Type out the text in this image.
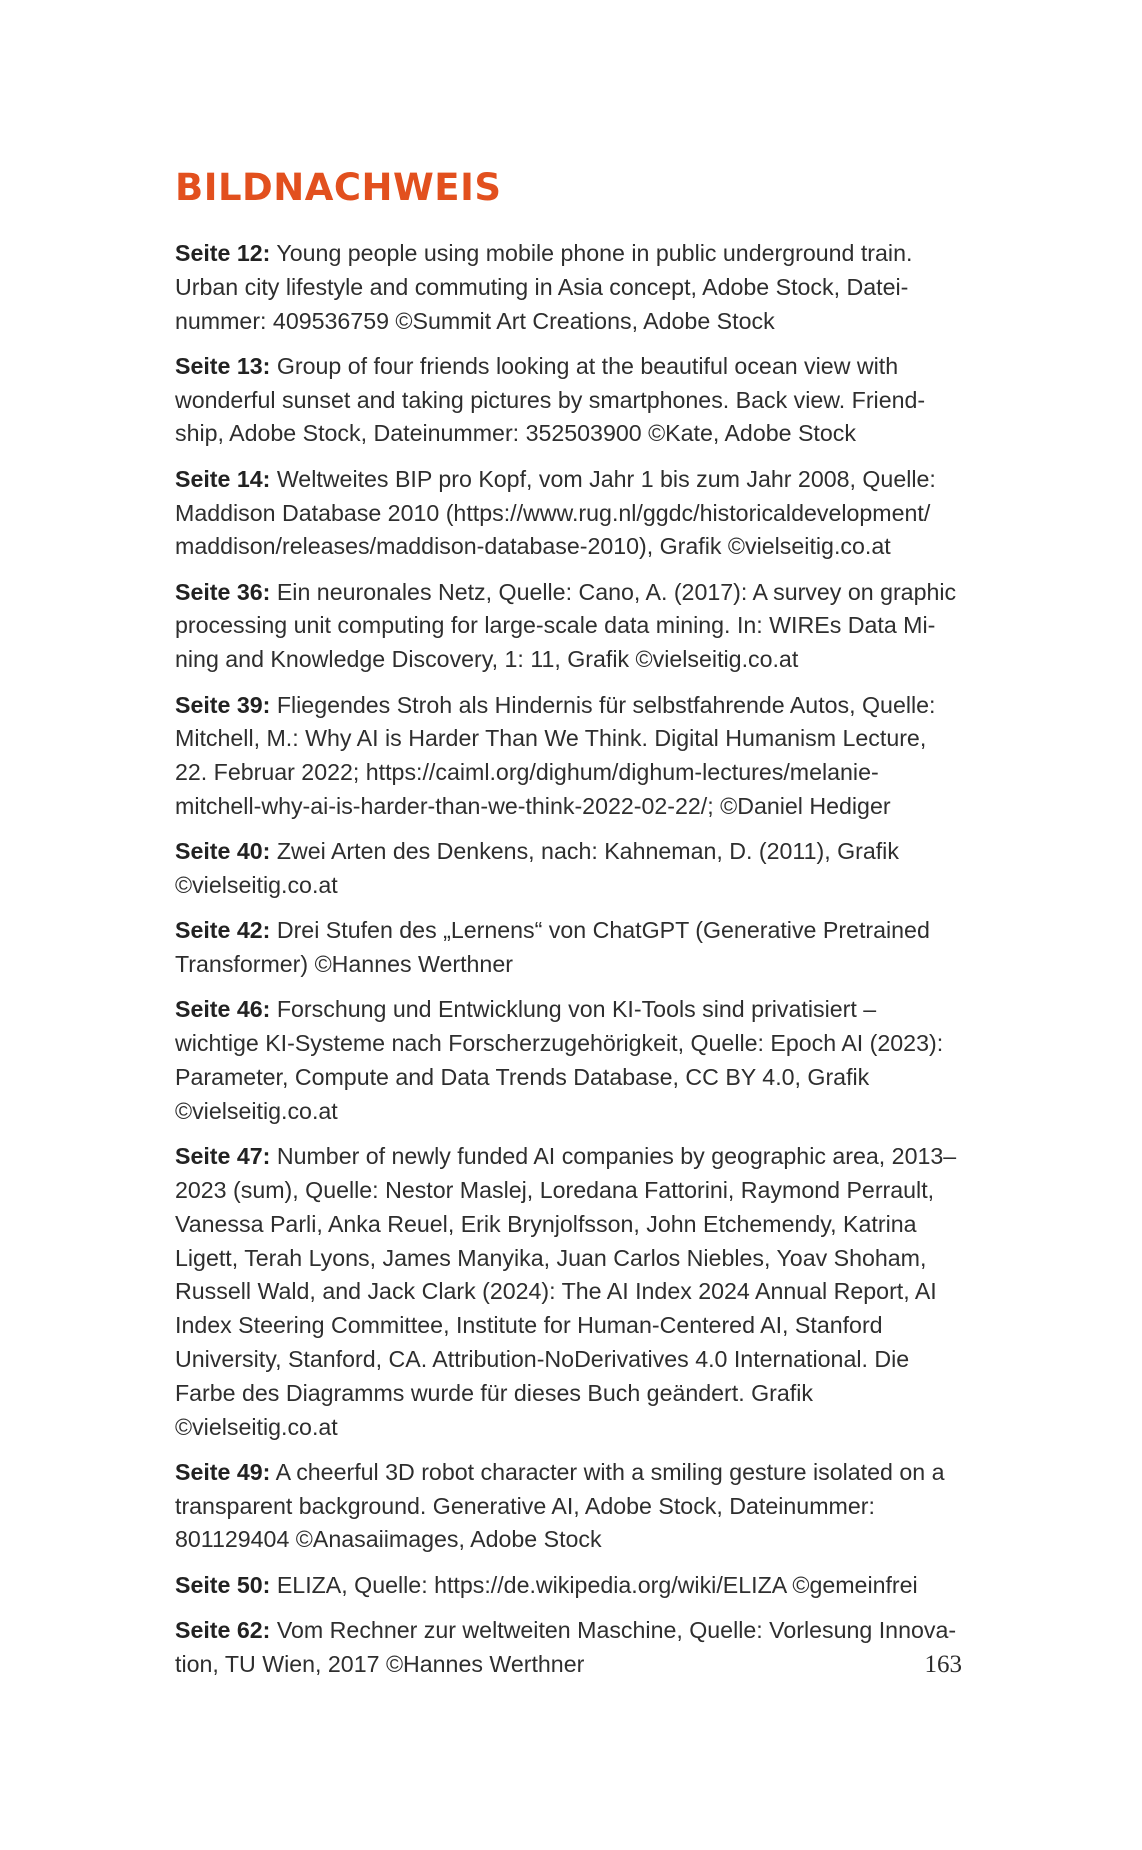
BILDNACHWEIS
Seite 12: Young people using mobile phone in public underground train. Urban city lifestyle and commuting in Asia concept, Adobe Stock, Dateinummer: 409536759 ©Summit Art Creations, Adobe Stock
Seite 13: Group of four friends looking at the beautiful ocean view with wonderful sunset and taking pictures by smartphones. Back view. Friendship, Adobe Stock, Dateinummer: 352503900 ©Kate, Adobe Stock
Seite 14: Weltweites BIP pro Kopf, vom Jahr 1 bis zum Jahr 2008, Quelle: Maddison Database 2010 (https://www.rug.nl/ggdc/historicaldevelopment/​maddison/releases/maddison-database-2010), Grafik ©vielseitig.co.at
Seite 36: Ein neuronales Netz, Quelle: Cano, A. (2017): A survey on graphic processing unit computing for large-scale data mining. In: WIREs Data Mining and Knowledge Discovery, 1: 11, Grafik ©vielseitig.co.at
Seite 39: Fliegendes Stroh als Hindernis für selbstfahrende Autos, Quelle: Mitchell, M.: Why AI is Harder Than We Think. Digital Humanism Lecture, 22. Februar 2022; https://caiml.org/dighum/dighum-lectures/melanie-​mitchell-why-ai-is-harder-than-we-think-2022-02-22/; ©Daniel Hediger
Seite 40: Zwei Arten des Denkens, nach: Kahneman, D. (2011), Grafik ©vielseitig.co.at
Seite 42: Drei Stufen des „Lernens“ von ChatGPT (Generative Pretrained Transformer) ©Hannes Werthner
Seite 46: Forschung und Entwicklung von KI-Tools sind privatisiert – wichtige KI-Systeme nach Forscherzugehörigkeit, Quelle: Epoch AI (2023): Parameter, Compute and Data Trends Database, CC BY 4.0, Grafik ©vielseitig.co.at
Seite 47: Number of newly funded AI companies by geographic area, 2013–2023 (sum), Quelle: Nestor Maslej, Loredana Fattorini, Raymond Perrault, Vanessa Parli, Anka Reuel, Erik Brynjolfsson, John Etchemendy, Katrina Ligett, Terah Lyons, James Manyika, Juan Carlos Niebles, Yoav Shoham, Russell Wald, and Jack Clark (2024): The AI Index 2024 Annual Report, AI Index Steering Committee, Institute for Human-Centered AI, Stanford University, Stanford, CA. Attribution-NoDerivatives 4.0 International. Die Farbe des Diagramms wurde für dieses Buch geändert. Grafik ©vielseitig.co.at
Seite 49: A cheerful 3D robot character with a smiling gesture isolated on a transparent background. Generative AI, Adobe Stock, Dateinummer: 801129404 ©Anasaiimages, Adobe Stock
Seite 50: ELIZA, Quelle: https://de.wikipedia.org/wiki/ELIZA ©gemeinfrei
Seite 62: Vom Rechner zur weltweiten Maschine, Quelle: Vorlesung Innovation, TU Wien, 2017 ©Hannes Werthner	163
